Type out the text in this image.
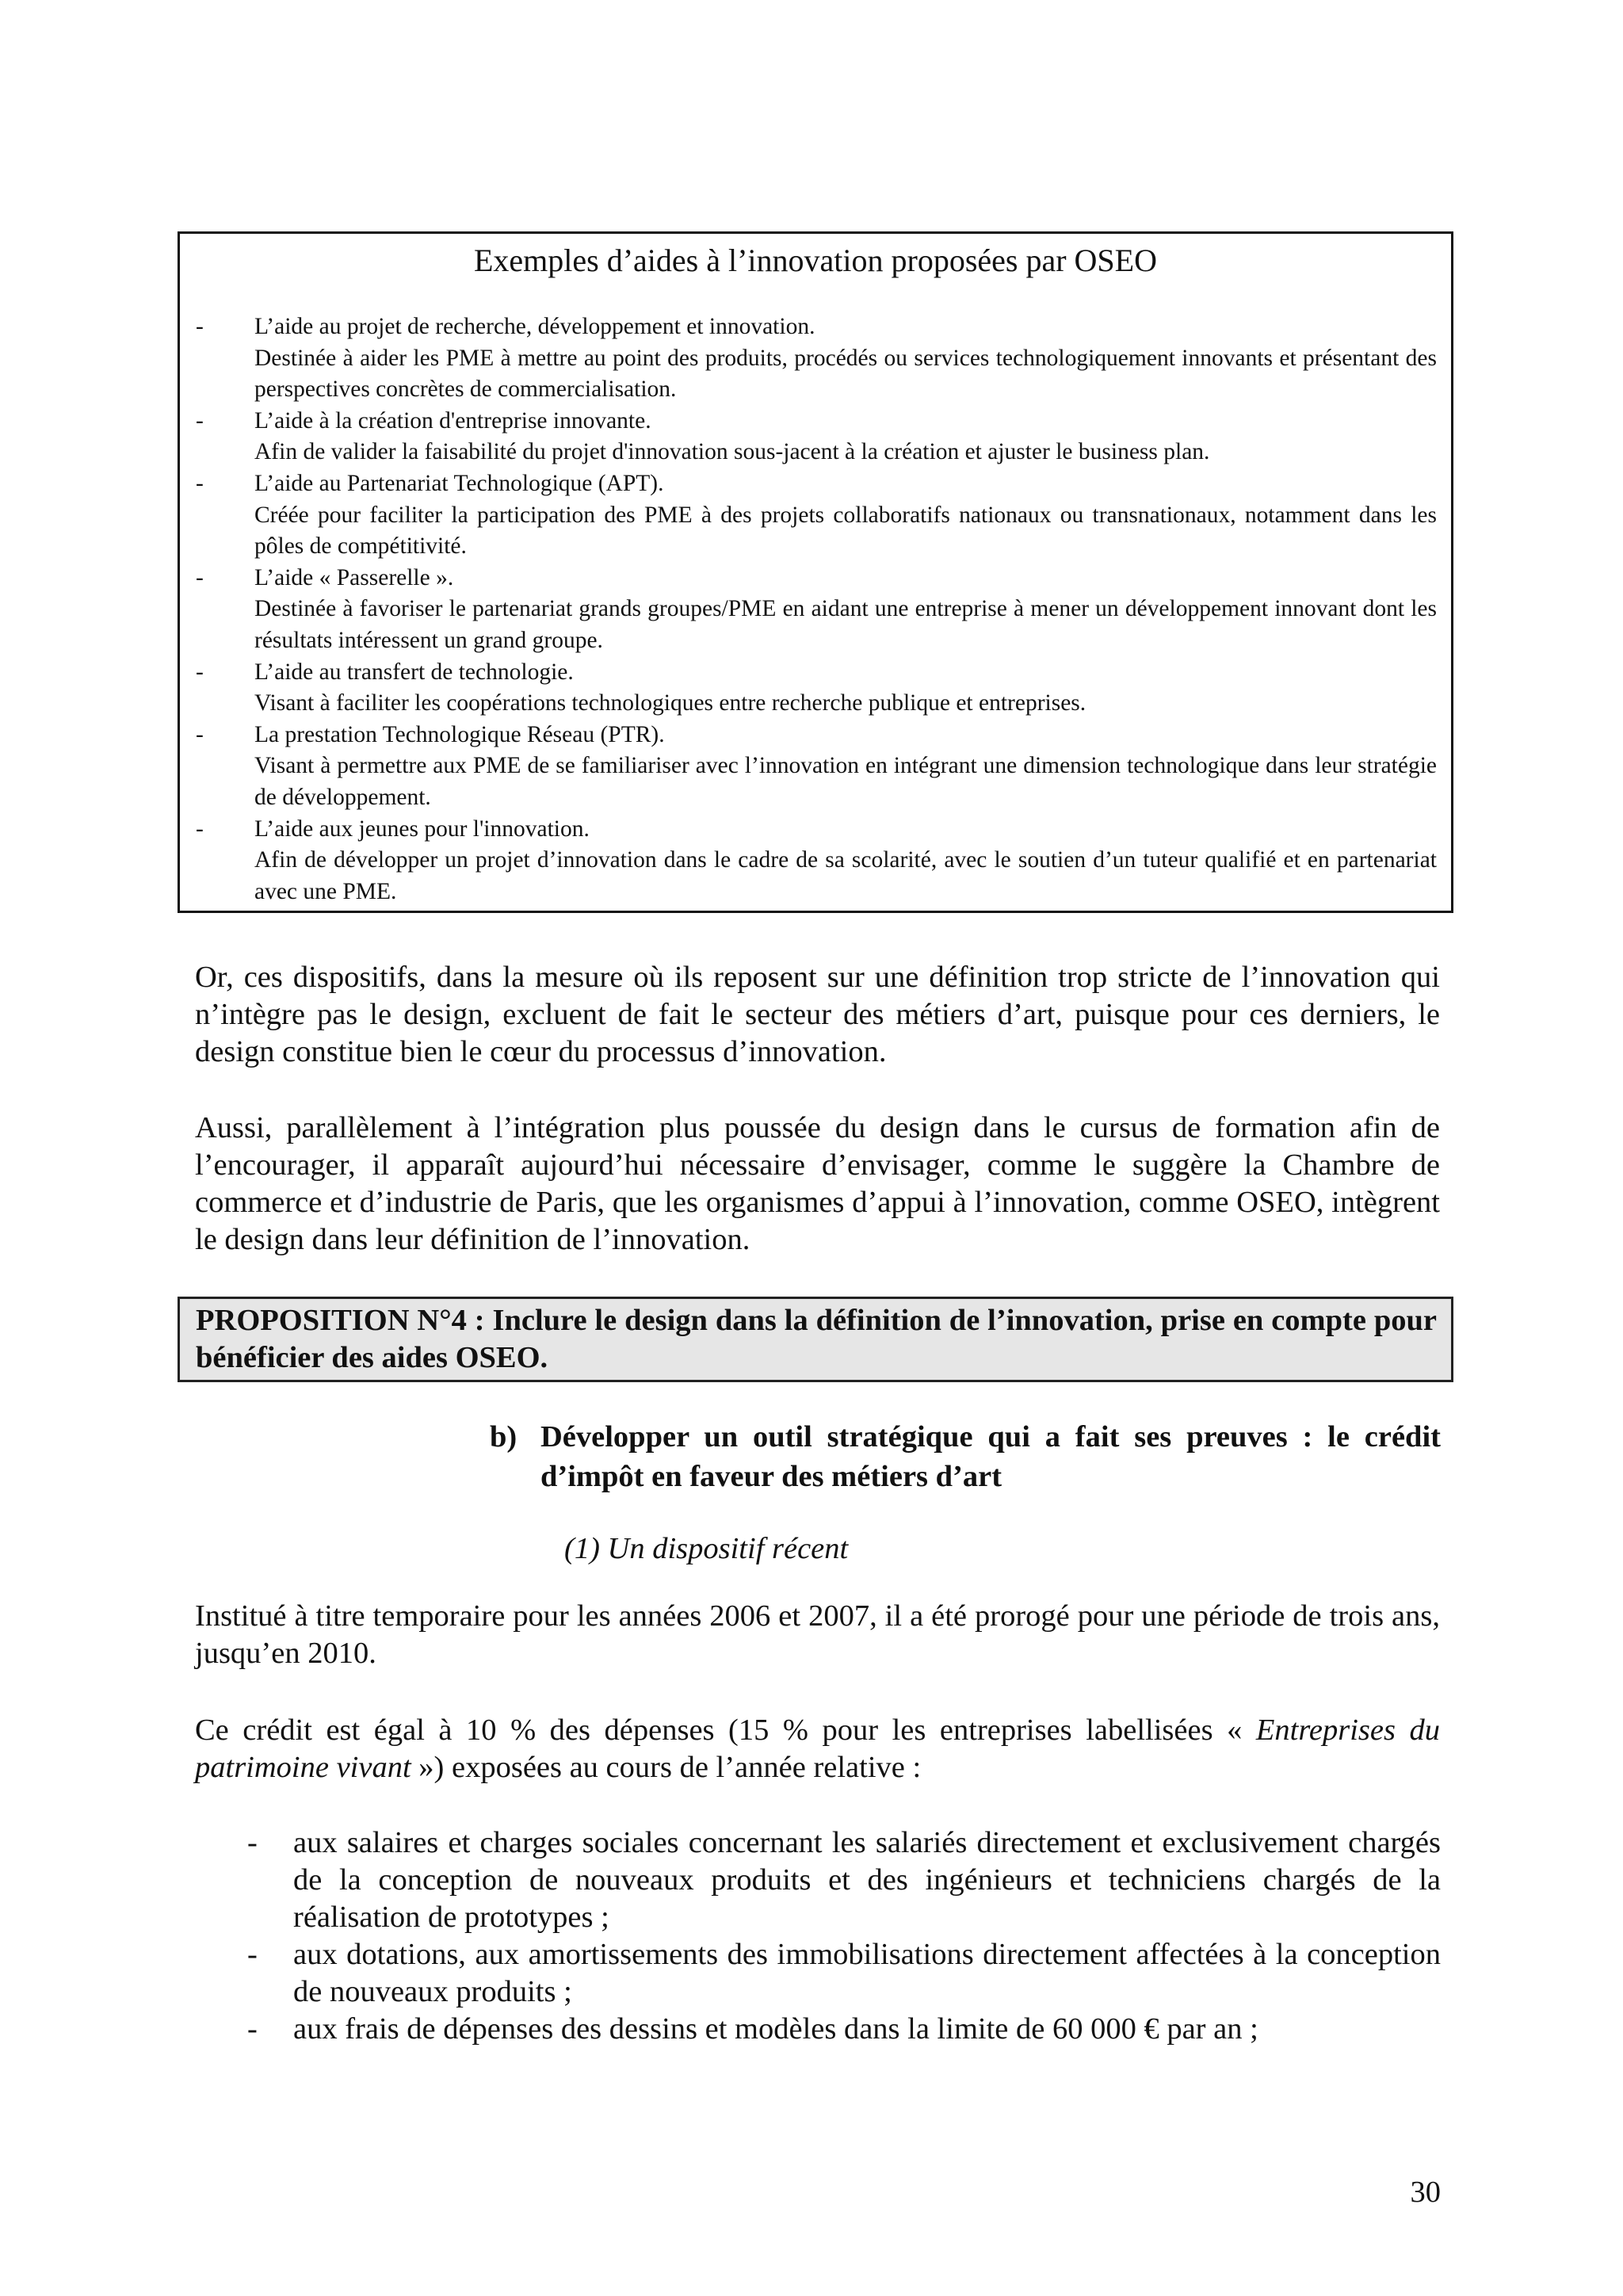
Exemples d’aides à l’innovation proposées par OSEO
- L’aide au projet de recherche, développement et innovation.

Destinée à aider les PME à mettre au point des produits, procédés ou services technologiquement innovants et présentant des perspectives concrètes de commercialisation.

- L’aide à la création d'entreprise innovante.

Afin de valider la faisabilité du projet d'innovation sous-jacent à la création et ajuster le business plan.

- L’aide au Partenariat Technologique (APT).

Créée pour faciliter la participation des PME à des projets collaboratifs nationaux ou transnationaux, notamment dans les pôles de compétitivité.

- L’aide « Passerelle ».

Destinée à favoriser le partenariat grands groupes/PME en aidant une entreprise à mener un développement innovant dont les résultats intéressent un grand groupe.

- L’aide au transfert de technologie.

Visant à faciliter les coopérations technologiques entre recherche publique et entreprises.

- La prestation Technologique Réseau (PTR).

Visant à permettre aux PME de se familiariser avec l’innovation en intégrant une dimension technologique dans leur stratégie de développement.

- L’aide aux jeunes pour l'innovation.

Afin de développer un projet d’innovation dans le cadre de sa scolarité, avec le soutien d’un tuteur qualifié et en partenariat avec une PME.

Or, ces dispositifs, dans la mesure où ils reposent sur une définition trop stricte de l’innovation qui n’intègre pas le design, excluent de fait le secteur des métiers d’art, puisque pour ces derniers, le design constitue bien le cœur du processus d’innovation.

Aussi, parallèlement à l’intégration plus poussée du design dans le cursus de formation afin de l’encourager, il apparaît aujourd’hui nécessaire d’envisager, comme le suggère la Chambre de commerce et d’industrie de Paris, que les organismes d’appui à l’innovation, comme OSEO, intègrent le design dans leur définition de l’innovation.

PROPOSITION N°4 : Inclure le design dans la définition de l’innovation, prise en compte pour bénéficier des aides OSEO.
b) Développer un outil stratégique qui a fait ses preuves : le crédit d’impôt en faveur des métiers d’art

(1) Un dispositif récent

Institué à titre temporaire pour les années 2006 et 2007, il a été prorogé pour une période de trois ans, jusqu’en 2010.

Ce crédit est égal à 10 % des dépenses (15 % pour les entreprises labellisées « Entreprises du patrimoine vivant ») exposées au cours de l’année relative :

- aux salaires et charges sociales concernant les salariés directement et exclusivement chargés de la conception de nouveaux produits et des ingénieurs et techniciens chargés de la réalisation de prototypes ;

- aux dotations, aux amortissements des immobilisations directement affectées à la conception de nouveaux produits ;

- aux frais de dépenses des dessins et modèles dans la limite de 60 000 € par an ;

30
